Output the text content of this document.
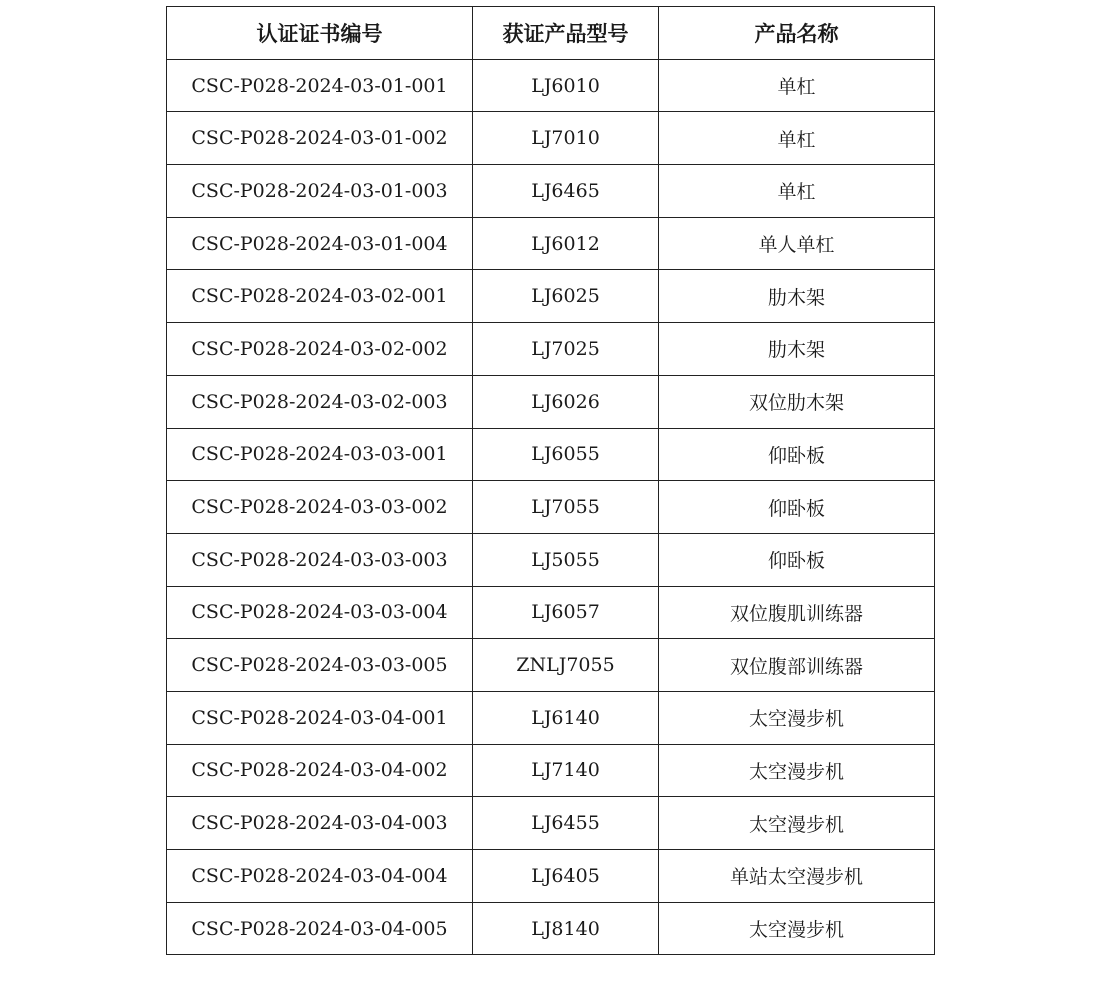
认证证书编号	获证产品型号	产品名称
CSC-P028-2024-03-01-001	LJ6010	单杠
CSC-P028-2024-03-01-002	LJ7010	单杠
CSC-P028-2024-03-01-003	LJ6465	单杠
CSC-P028-2024-03-01-004	LJ6012	单人单杠
CSC-P028-2024-03-02-001	LJ6025	肋木架
CSC-P028-2024-03-02-002	LJ7025	肋木架
CSC-P028-2024-03-02-003	LJ6026	双位肋木架
CSC-P028-2024-03-03-001	LJ6055	仰卧板
CSC-P028-2024-03-03-002	LJ7055	仰卧板
CSC-P028-2024-03-03-003	LJ5055	仰卧板
CSC-P028-2024-03-03-004	LJ6057	双位腹肌训练器
CSC-P028-2024-03-03-005	ZNLJ7055	双位腹部训练器
CSC-P028-2024-03-04-001	LJ6140	太空漫步机
CSC-P028-2024-03-04-002	LJ7140	太空漫步机
CSC-P028-2024-03-04-003	LJ6455	太空漫步机
CSC-P028-2024-03-04-004	LJ6405	单站太空漫步机
CSC-P028-2024-03-04-005	LJ8140	太空漫步机
